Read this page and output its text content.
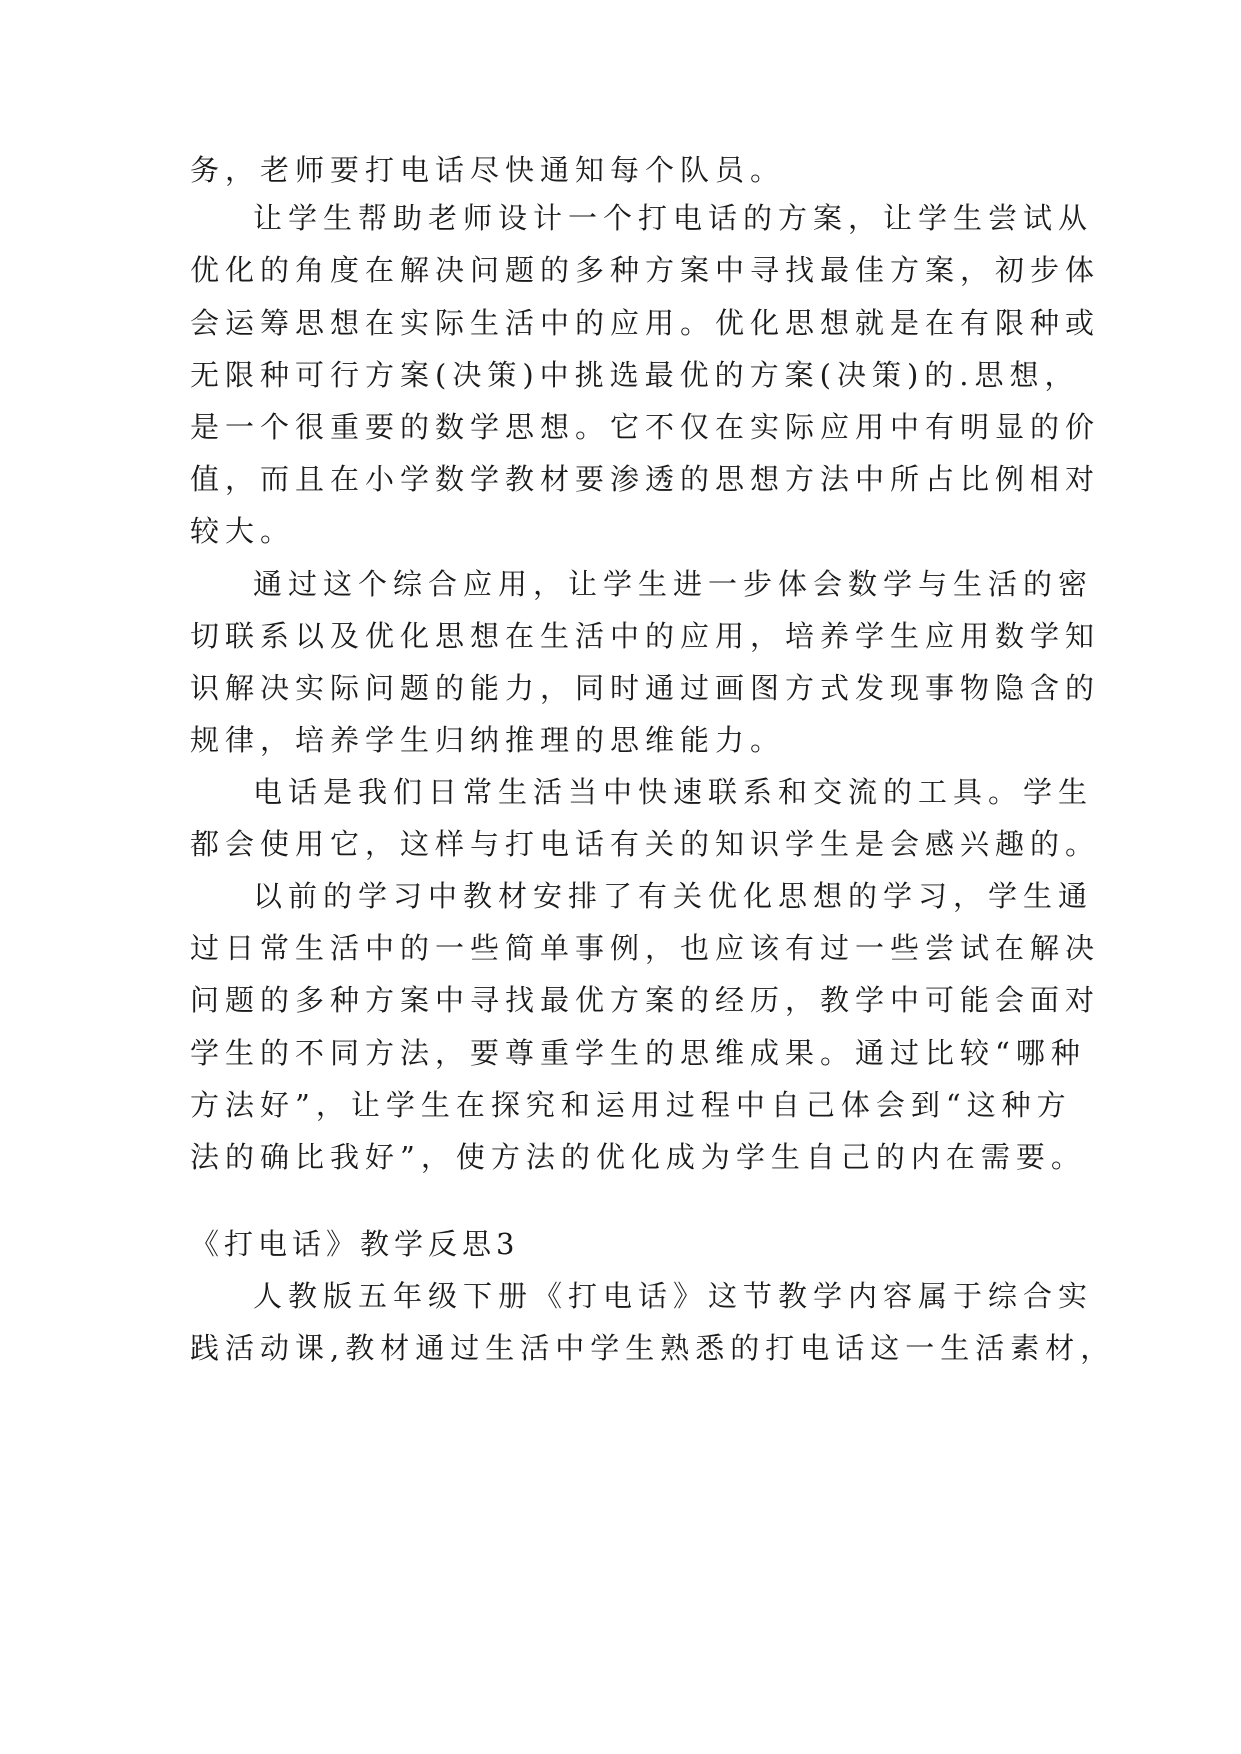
务，老师要打电话尽快通知每个队员。
让学生帮助老师设计一个打电话的方案，让学生尝试从
优化的角度在解决问题的多种方案中寻找最佳方案，初步体
会运筹思想在实际生活中的应用。优化思想就是在有限种或
无限种可行方案(决策)中挑选最优的方案(决策)的.思想，
是一个很重要的数学思想。它不仅在实际应用中有明显的价
值，而且在小学数学教材要渗透的思想方法中所占比例相对
较大。
通过这个综合应用，让学生进一步体会数学与生活的密
切联系以及优化思想在生活中的应用，培养学生应用数学知
识解决实际问题的能力，同时通过画图方式发现事物隐含的
规律，培养学生归纳推理的思维能力。
电话是我们日常生活当中快速联系和交流的工具。学生
都会使用它，这样与打电话有关的知识学生是会感兴趣的。
以前的学习中教材安排了有关优化思想的学习，学生通
过日常生活中的一些简单事例，也应该有过一些尝试在解决
问题的多种方案中寻找最优方案的经历，教学中可能会面对
学生的不同方法，要尊重学生的思维成果。通过比较“哪种
方法好”，让学生在探究和运用过程中自己体会到“这种方
法的确比我好”，使方法的优化成为学生自己的内在需要。
《打电话》教学反思3
人教版五年级下册《打电话》这节教学内容属于综合实
践活动课,教材通过生活中学生熟悉的打电话这一生活素材，
